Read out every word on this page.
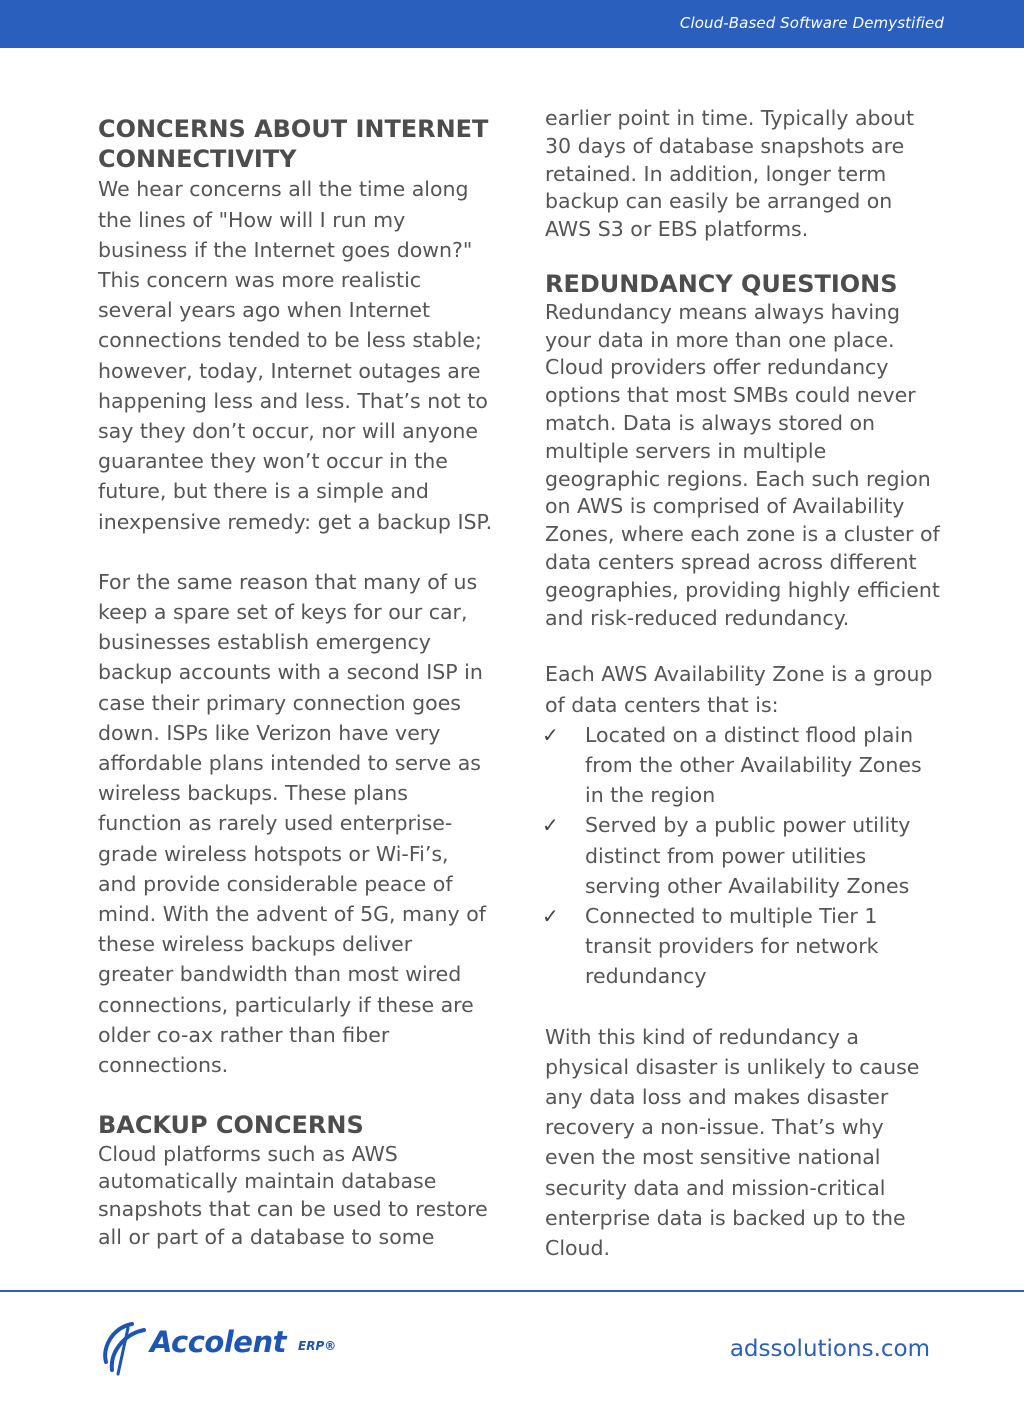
Cloud-Based Software Demystified
CONCERNS ABOUT INTERNET CONNECTIVITY

We hear concerns all the time along the lines of "How will I run my business if the Internet goes down?" This concern was more realistic several years ago when Internet connections tended to be less stable; however, today, Internet outages are happening less and less. That’s not to say they don’t occur, nor will anyone guarantee they won’t occur in the future, but there is a simple and inexpensive remedy: get a backup ISP.

For the same reason that many of us keep a spare set of keys for our car, businesses establish emergency backup accounts with a second ISP in case their primary connection goes down. ISPs like Verizon have very affordable plans intended to serve as wireless backups. These plans function as rarely used enterprise-grade wireless hotspots or Wi-Fi’s, and provide considerable peace of mind. With the advent of 5G, many of these wireless backups deliver greater bandwidth than most wired connections, particularly if these are older co-ax rather than fiber connections.

BACKUP CONCERNS

Cloud platforms such as AWS automatically maintain database snapshots that can be used to restore all or part of a database to some

earlier point in time. Typically about 30 days of database snapshots are retained. In addition, longer term backup can easily be arranged on AWS S3 or EBS platforms.

REDUNDANCY QUESTIONS

Redundancy means always having your data in more than one place. Cloud providers offer redundancy options that most SMBs could never match. Data is always stored on multiple servers in multiple geographic regions. Each such region on AWS is comprised of Availability Zones, where each zone is a cluster of data centers spread across different geographies, providing highly efficient and risk-reduced redundancy.

Each AWS Availability Zone is a group of data centers that is:

✓	Located on a distinct flood plain from the other Availability Zones in the region
✓	Served by a public power utility distinct from power utilities serving other Availability Zones
✓	Connected to multiple Tier 1 transit providers for network redundancy

With this kind of redundancy a physical disaster is unlikely to cause any data loss and makes disaster recovery a non-issue. That’s why even the most sensitive national security data and mission-critical enterprise data is backed up to the Cloud.

Accolent ERP®	adssolutions.com
